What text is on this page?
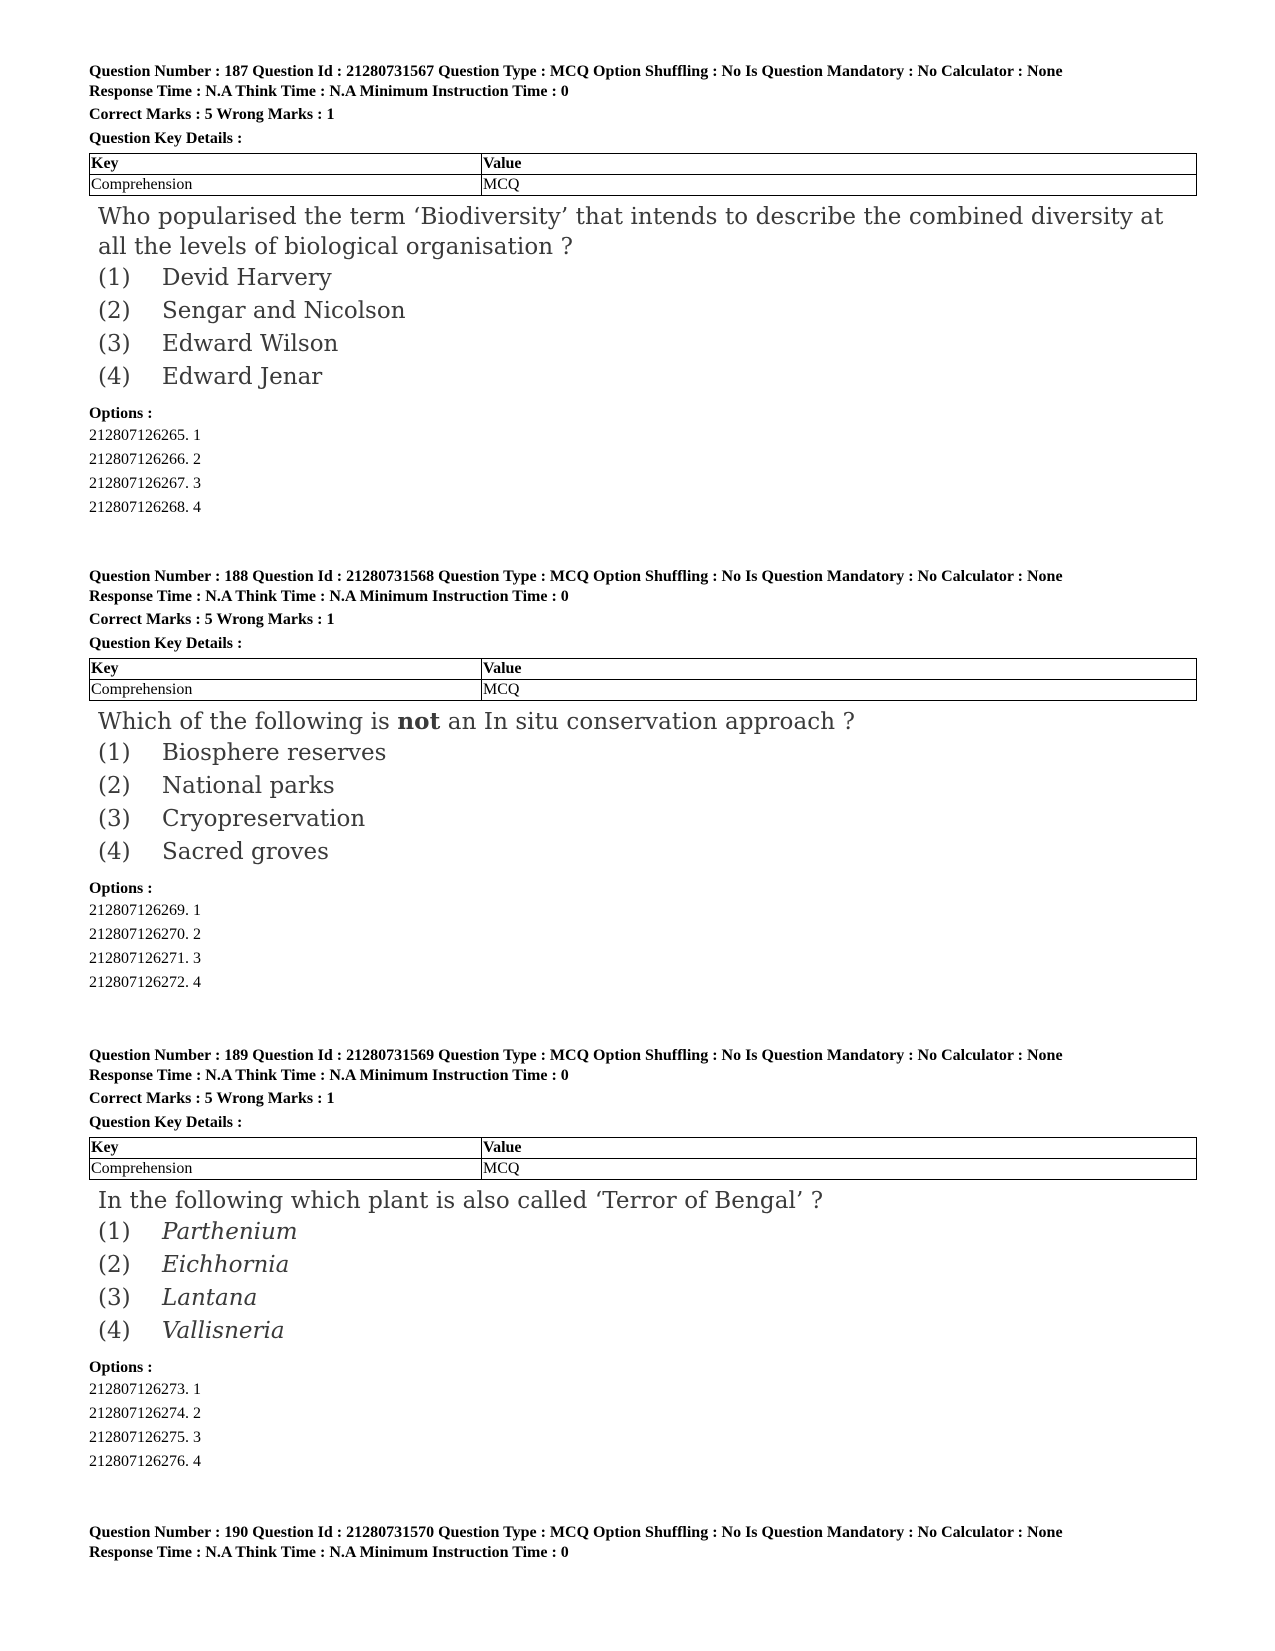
Question Number : 187 Question Id : 21280731567 Question Type : MCQ Option Shuffling : No Is Question Mandatory : No Calculator : None
Response Time : N.A Think Time : N.A Minimum Instruction Time : 0
Correct Marks : 5 Wrong Marks : 1
Question Key Details :
Key	Value
Comprehension	MCQ
Who popularised the term ‘Biodiversity’ that intends to describe the combined diversity at all the levels of biological organisation ?
(1)	Devid Harvery
(2)	Sengar and Nicolson
(3)	Edward Wilson
(4)	Edward Jenar
Options :
212807126265. 1
212807126266. 2
212807126267. 3
212807126268. 4
Question Number : 188 Question Id : 21280731568 Question Type : MCQ Option Shuffling : No Is Question Mandatory : No Calculator : None
Response Time : N.A Think Time : N.A Minimum Instruction Time : 0
Correct Marks : 5 Wrong Marks : 1
Question Key Details :
Key	Value
Comprehension	MCQ
Which of the following is not an In situ conservation approach ?
(1)	Biosphere reserves
(2)	National parks
(3)	Cryopreservation
(4)	Sacred groves
Options :
212807126269. 1
212807126270. 2
212807126271. 3
212807126272. 4
Question Number : 189 Question Id : 21280731569 Question Type : MCQ Option Shuffling : No Is Question Mandatory : No Calculator : None
Response Time : N.A Think Time : N.A Minimum Instruction Time : 0
Correct Marks : 5 Wrong Marks : 1
Question Key Details :
Key	Value
Comprehension	MCQ
In the following which plant is also called ‘Terror of Bengal’ ?
(1)	Parthenium
(2)	Eichhornia
(3)	Lantana
(4)	Vallisneria
Options :
212807126273. 1
212807126274. 2
212807126275. 3
212807126276. 4
Question Number : 190 Question Id : 21280731570 Question Type : MCQ Option Shuffling : No Is Question Mandatory : No Calculator : None
Response Time : N.A Think Time : N.A Minimum Instruction Time : 0
